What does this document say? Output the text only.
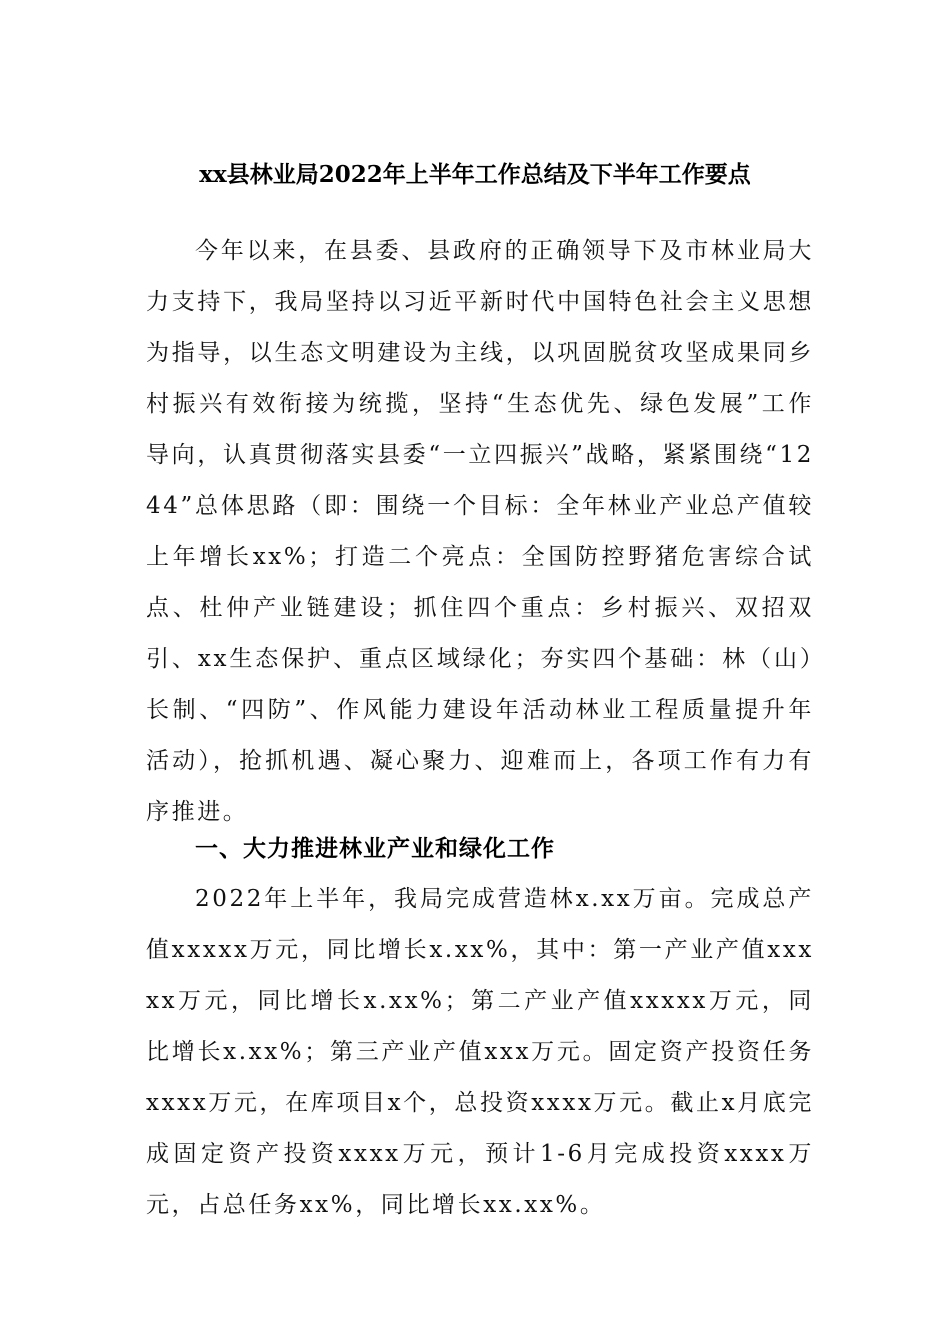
xx县林业局2022年上半年工作总结及下半年工作要点

今年以来，在县委、县政府的正确领导下及市林业局大力支持下，我局坚持以习近平新时代中国特色社会主义思想为指导，以生态文明建设为主线，以巩固脱贫攻坚成果同乡村振兴有效衔接为统揽，坚持“生态优先、绿色发展”工作导向，认真贯彻落实县委“一立四振兴”战略，紧紧围绕“1244”总体思路（即：围绕一个目标：全年林业产业总产值较上年增长xx%；打造二个亮点：全国防控野猪危害综合试点、杜仲产业链建设；抓住四个重点：乡村振兴、双招双引、xx生态保护、重点区域绿化；夯实四个基础：林（山）长制、“四防”、作风能力建设年活动林业工程质量提升年活动），抢抓机遇、凝心聚力、迎难而上，各项工作有力有序推进。

一、大力推进林业产业和绿化工作

2022年上半年，我局完成营造林x.xx万亩。完成总产值xxxxx万元，同比增长x.xx%，其中：第一产业产值xxxxx万元，同比增长x.xx%；第二产业产值xxxxx万元，同比增长x.xx%；第三产业产值xxx万元。固定资产投资任务xxxx万元，在库项目x个，总投资xxxx万元。截止x月底完成固定资产投资xxxx万元，预计1-6月完成投资xxxx万元，占总任务xx%，同比增长xx.xx%。
